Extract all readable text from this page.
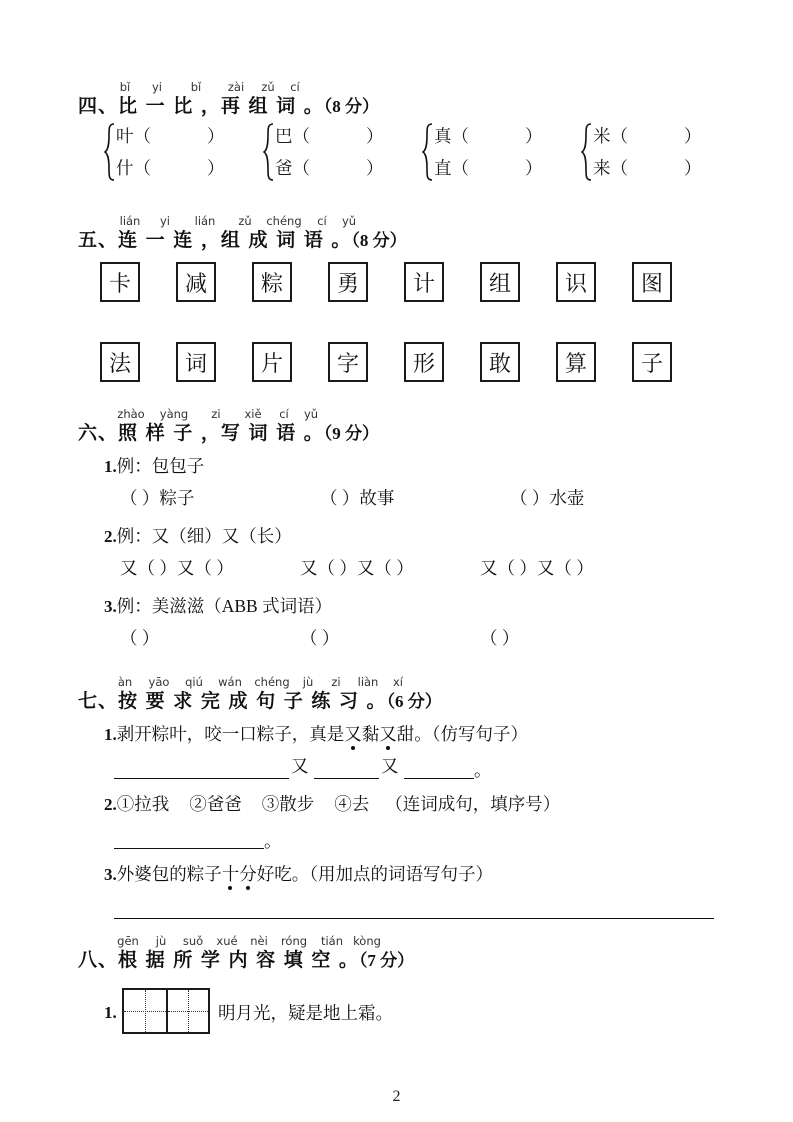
bǐ	yi	bǐ	zài	zǔ	cí
四、比 一 比 ，再 组 词 。（8 分）
叶（	）
什（	）
巴（	）
爸（	）
真（	）
直（	）
米（	）
来（	）
lián	yi	lián	zǔ	chéng	cí	yǔ
五、连 一 连 ，组 成 词 语 。（8 分）
卡	减	粽	勇	计	组	识	图
法	词	片	字	形	敢	算	子
zhào	yàng	zi	xiě	cí	yǔ
六、照 样 子 ，写 词 语 。（9 分）
1.例：包包子
（ ）粽子	（ ）故事	（ ）水壶
2.例：又（细）又（长）
又（ ）又（ ）	又（ ）又（ ）	又（ ）又（ ）
3.例：美滋滋（ABB 式词语）
（ ）	（ ）	（ ）
àn	yāo	qiú	wán	chéng	jù	zi	liàn	xí
七、按 要 求 完 成 句 子 练 习 。（6 分）
1.剥开粽叶，咬一口粽子，真是又
黏又
甜。（仿写句子）
又	又	。
2.①拉我 ②爸爸 ③散步 ④去 （连词成句，填序号）
。
3.外婆包的粽子十分
好吃。（用加点的词语写句子）
gēn	jù	suǒ	xué	nèi	róng	tián kòng
八、根 据 所 学 内 容 填 空 。（7 分）
1.	明月光，疑是地上霜。
2
